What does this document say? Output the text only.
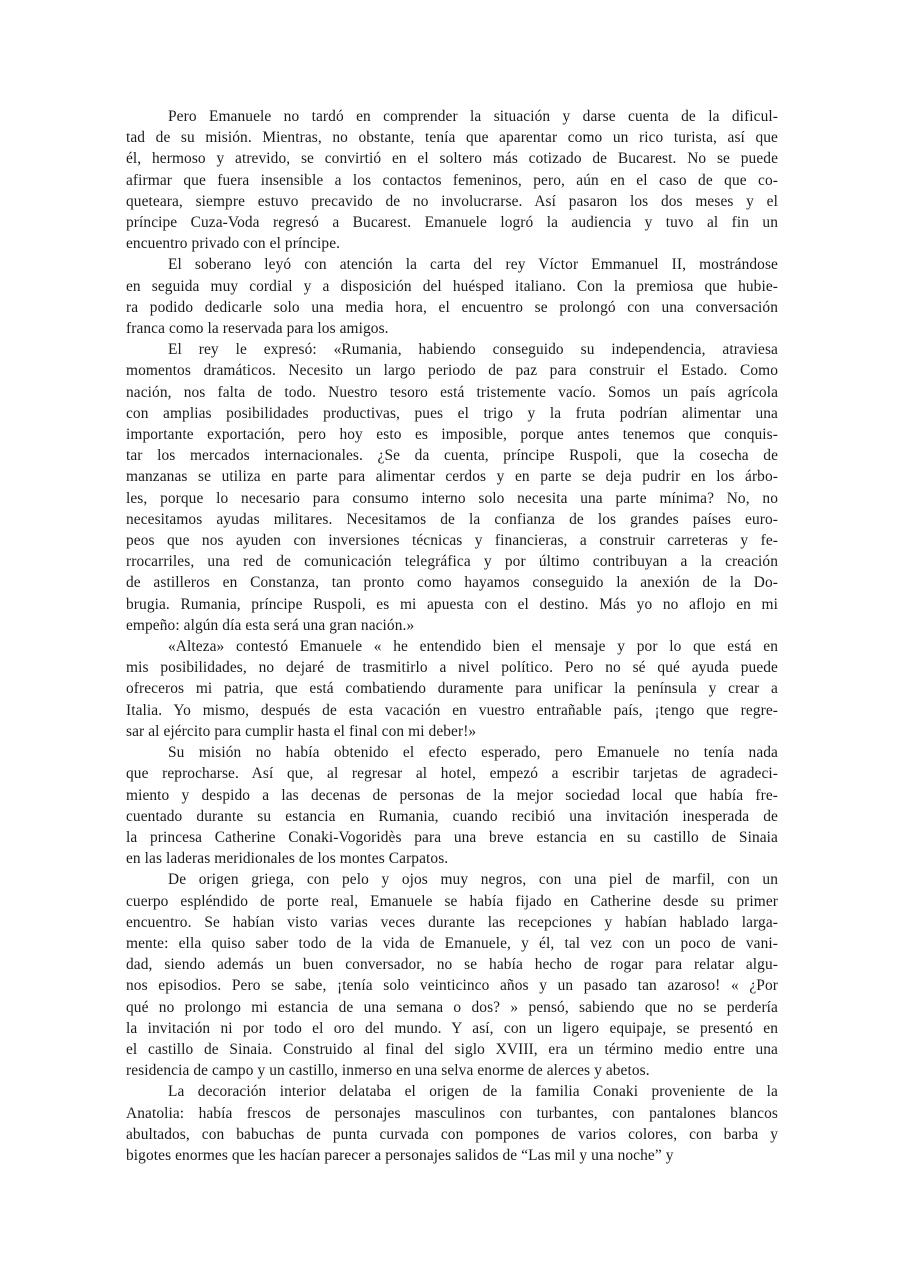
Pero Emanuele no tardó en comprender la situación y darse cuenta de la dificul-
tad de su misión. Mientras, no obstante, tenía que aparentar como un rico turista, así que
él, hermoso y atrevido, se convirtió en el soltero más cotizado de Bucarest. No se puede
afirmar que fuera insensible a los contactos femeninos, pero, aún en el caso de que co-
queteara, siempre estuvo precavido de no involucrarse. Así pasaron los dos meses y el
príncipe Cuza-Voda regresó a Bucarest. Emanuele logró la audiencia y tuvo al fin un
encuentro privado con el príncipe.
El soberano leyó con atención la carta del rey Víctor Emmanuel II, mostrándose
en seguida muy cordial y a disposición del huésped italiano. Con la premiosa que hubie-
ra podido dedicarle solo una media hora, el encuentro se prolongó con una conversación
franca como la reservada para los amigos.
El rey le expresó: «Rumania, habiendo conseguido su independencia, atraviesa
momentos dramáticos. Necesito un largo periodo de paz para construir el Estado. Como
nación, nos falta de todo. Nuestro tesoro está tristemente vacío. Somos un país agrícola
con amplias posibilidades productivas, pues el trigo y la fruta podrían alimentar una
importante exportación, pero hoy esto es imposible, porque antes tenemos que conquis-
tar los mercados internacionales. ¿Se da cuenta, príncipe Ruspoli, que la cosecha de
manzanas se utiliza en parte para alimentar cerdos y en parte se deja pudrir en los árbo-
les, porque lo necesario para consumo interno solo necesita una parte mínima? No, no
necesitamos ayudas militares. Necesitamos de la confianza de los grandes países euro-
peos que nos ayuden con inversiones técnicas y financieras, a construir carreteras y fe-
rrocarriles, una red de comunicación telegráfica y por último contribuyan a la creación
de astilleros en Constanza, tan pronto como hayamos conseguido la anexión de la Do-
brugia. Rumania, príncipe Ruspoli, es mi apuesta con el destino. Más yo no aflojo en mi
empeño: algún día esta será una gran nación.»
«Alteza» contestó Emanuele « he entendido bien el mensaje y por lo que está en
mis posibilidades, no dejaré de trasmitirlo a nivel político. Pero no sé qué ayuda puede
ofreceros mi patria, que está combatiendo duramente para unificar la península y crear a
Italia. Yo mismo, después de esta vacación en vuestro entrañable país, ¡tengo que regre-
sar al ejército para cumplir hasta el final con mi deber!»
Su misión no había obtenido el efecto esperado, pero Emanuele no tenía nada
que reprocharse. Así que, al regresar al hotel, empezó a escribir tarjetas de agradeci-
miento y despido a las decenas de personas de la mejor sociedad local que había fre-
cuentado durante su estancia en Rumania, cuando recibió una invitación inesperada de
la princesa Catherine Conaki-Vogoridès para una breve estancia en su castillo de Sinaia
en las laderas meridionales de los montes Carpatos.
De origen griega, con pelo y ojos muy negros, con una piel de marfil, con un
cuerpo espléndido de porte real, Emanuele se había fijado en Catherine desde su primer
encuentro. Se habían visto varias veces durante las recepciones y habían hablado larga-
mente: ella quiso saber todo de la vida de Emanuele, y él, tal vez con un poco de vani-
dad, siendo además un buen conversador, no se había hecho de rogar para relatar algu-
nos episodios. Pero se sabe, ¡tenía solo veinticinco años y un pasado tan azaroso! « ¿Por
qué no prolongo mi estancia de una semana o dos? » pensó, sabiendo que no se perdería
la invitación ni por todo el oro del mundo. Y así, con un ligero equipaje, se presentó en
el castillo de Sinaia. Construido al final del siglo XVIII, era un término medio entre una
residencia de campo y un castillo, inmerso en una selva enorme de alerces y abetos.
La decoración interior delataba el origen de la familia Conaki proveniente de la
Anatolia: había frescos de personajes masculinos con turbantes, con pantalones blancos
abultados, con babuchas de punta curvada con pompones de varios colores, con barba y
bigotes enormes que les hacían parecer a personajes salidos de “Las mil y una noche” y
